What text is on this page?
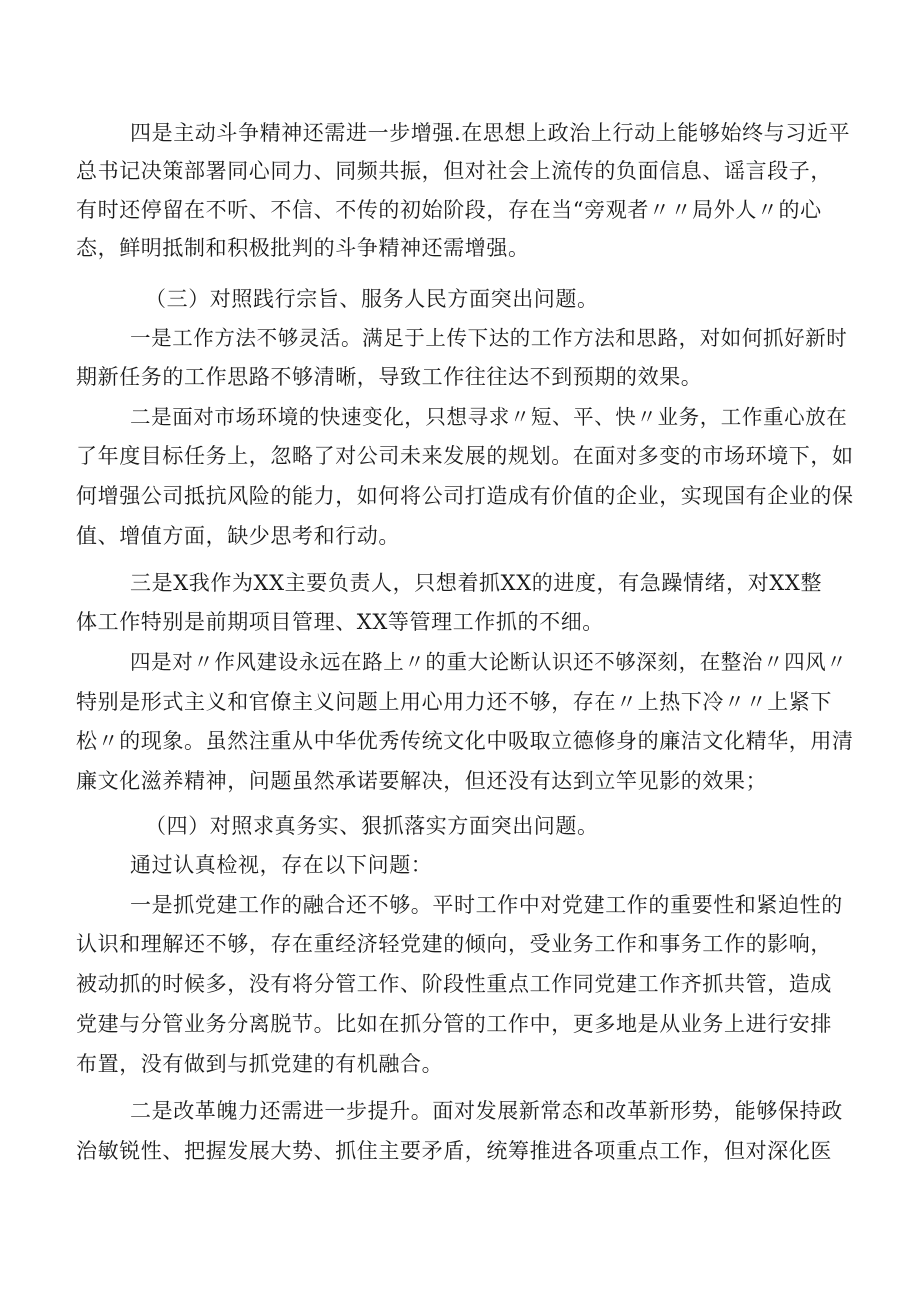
四是主动斗争精神还需进一步增强.在思想上政治上行动上能够始终与习近平
总书记决策部署同心同力、同频共振，但对社会上流传的负面信息、谣言段子，
有时还停留在不听、不信、不传的初始阶段，存在当“旁观者〃〃局外人〃的心
态，鲜明抵制和积极批判的斗争精神还需增强。
（三）对照践行宗旨、服务人民方面突出问题。
一是工作方法不够灵活。满足于上传下达的工作方法和思路，对如何抓好新时
期新任务的工作思路不够清晰，导致工作往往达不到预期的效果。
二是面对市场环境的快速变化，只想寻求〃短、平、快〃业务，工作重心放在
了年度目标任务上，忽略了对公司未来发展的规划。在面对多变的市场环境下，如
何增强公司抵抗风险的能力，如何将公司打造成有价值的企业，实现国有企业的保
值、增值方面，缺少思考和行动。
三是X我作为XX主要负责人，只想着抓XX的进度，有急躁情绪，对XX整
体工作特别是前期项目管理、XX等管理工作抓的不细。
四是对〃作风建设永远在路上〃的重大论断认识还不够深刻，在整治〃四风〃
特别是形式主义和官僚主义问题上用心用力还不够，存在〃上热下冷〃〃上紧下
松〃的现象。虽然注重从中华优秀传统文化中吸取立德修身的廉洁文化精华，用清
廉文化滋养精神，问题虽然承诺要解决，但还没有达到立竿见影的效果；
（四）对照求真务实、狠抓落实方面突出问题。
通过认真检视，存在以下问题：
一是抓党建工作的融合还不够。平时工作中对党建工作的重要性和紧迫性的
认识和理解还不够，存在重经济轻党建的倾向，受业务工作和事务工作的影响，
被动抓的时候多，没有将分管工作、阶段性重点工作同党建工作齐抓共管，造成
党建与分管业务分离脱节。比如在抓分管的工作中，更多地是从业务上进行安排
布置，没有做到与抓党建的有机融合。
二是改革魄力还需进一步提升。面对发展新常态和改革新形势，能够保持政
治敏锐性、把握发展大势、抓住主要矛盾，统筹推进各项重点工作，但对深化医
